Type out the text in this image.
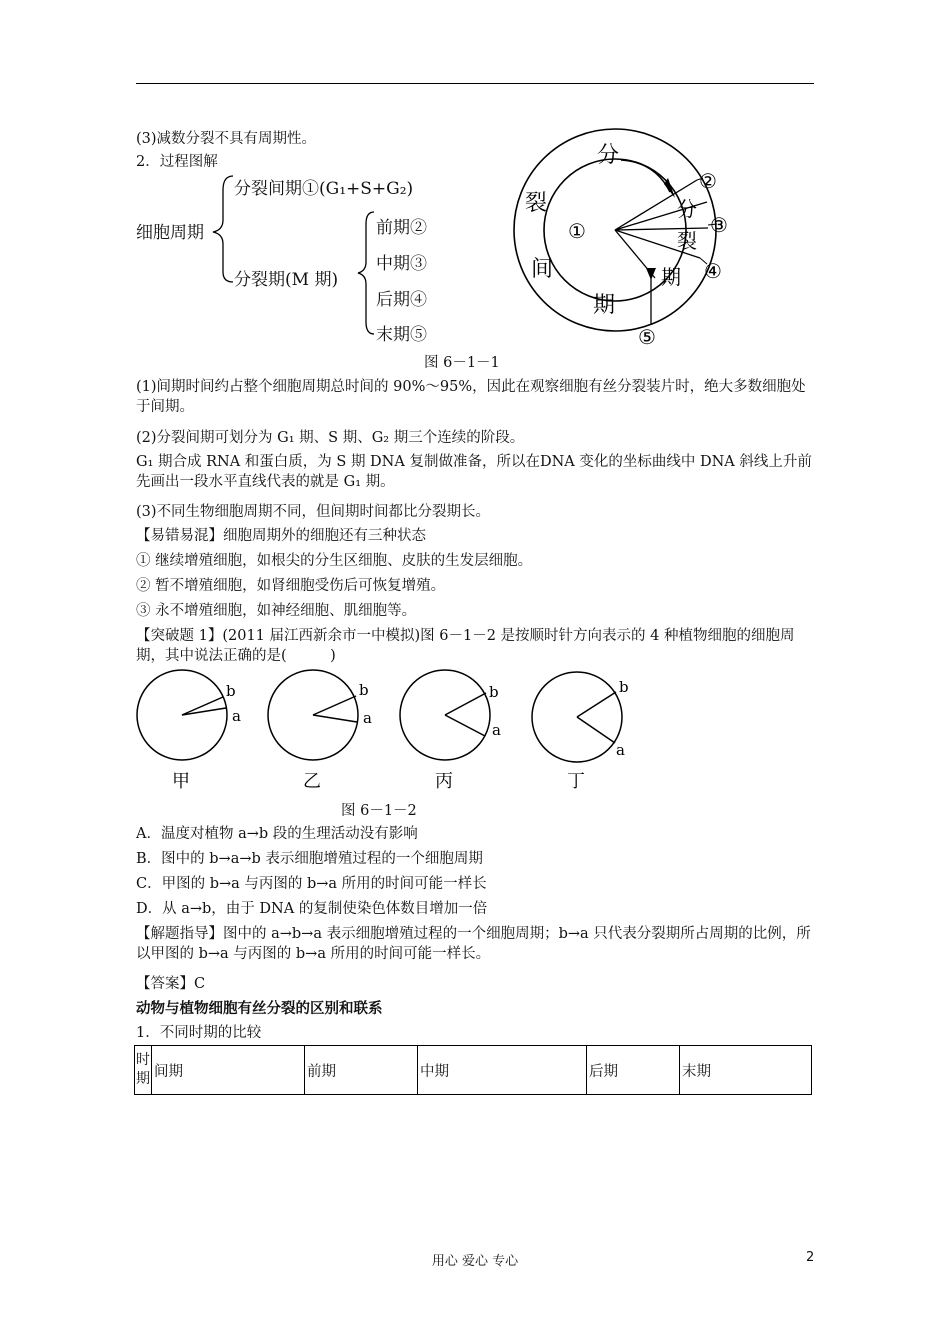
(3)减数分裂不具有周期性。
2．过程图解
细胞周期
分裂间期①(G₁+S+G₂)
分裂期(M 期)
前期②
中期③
后期④
末期⑤
分
裂
间
期
①
分
裂
期
②
③
④
⑤
图 6－1－1
(1)间期时间约占整个细胞周期总时间的 90%～95%，因此在观察细胞有丝分裂装片时，绝大多数细胞处于间期。
(2)分裂间期可划分为 G₁ 期、S 期、G₂ 期三个连续的阶段。
G₁ 期合成 RNA 和蛋白质，为 S 期 DNA 复制做准备，所以在DNA 变化的坐标曲线中 DNA 斜线上升前先画出一段水平直线代表的就是 G₁ 期。
(3)不同生物细胞周期不同，但间期时间都比分裂期长。
【易错易混】细胞周期外的细胞还有三种状态
① 继续增殖细胞，如根尖的分生区细胞、皮肤的生发层细胞。
② 暂不增殖细胞，如肾细胞受伤后可恢复增殖。
③ 永不增殖细胞，如神经细胞、肌细胞等。
【突破题 1】(2011 届江西新余市一中模拟)图 6－1－2 是按顺时针方向表示的 4 种植物细胞的细胞周期，其中说法正确的是(　　　)
b
a
甲
b
a
乙
b
a
丙
b
a
丁
图 6－1－2
A．温度对植物 a→b 段的生理活动没有影响
B．图中的 b→a→b 表示细胞增殖过程的一个细胞周期
C．甲图的 b→a 与丙图的 b→a 所用的时间可能一样长
D．从 a→b，由于 DNA 的复制使染色体数目增加一倍
【解题指导】图中的 a→b→a 表示细胞增殖过程的一个细胞周期；b→a 只代表分裂期所占周期的比例，所以甲图的 b→a 与丙图的 b→a 所用的时间可能一样长。
【答案】C
动物与植物细胞有丝分裂的区别和联系
1．不同时期的比较
时期	间期	前期	中期	后期	末期
用心 爱心 专心	2
